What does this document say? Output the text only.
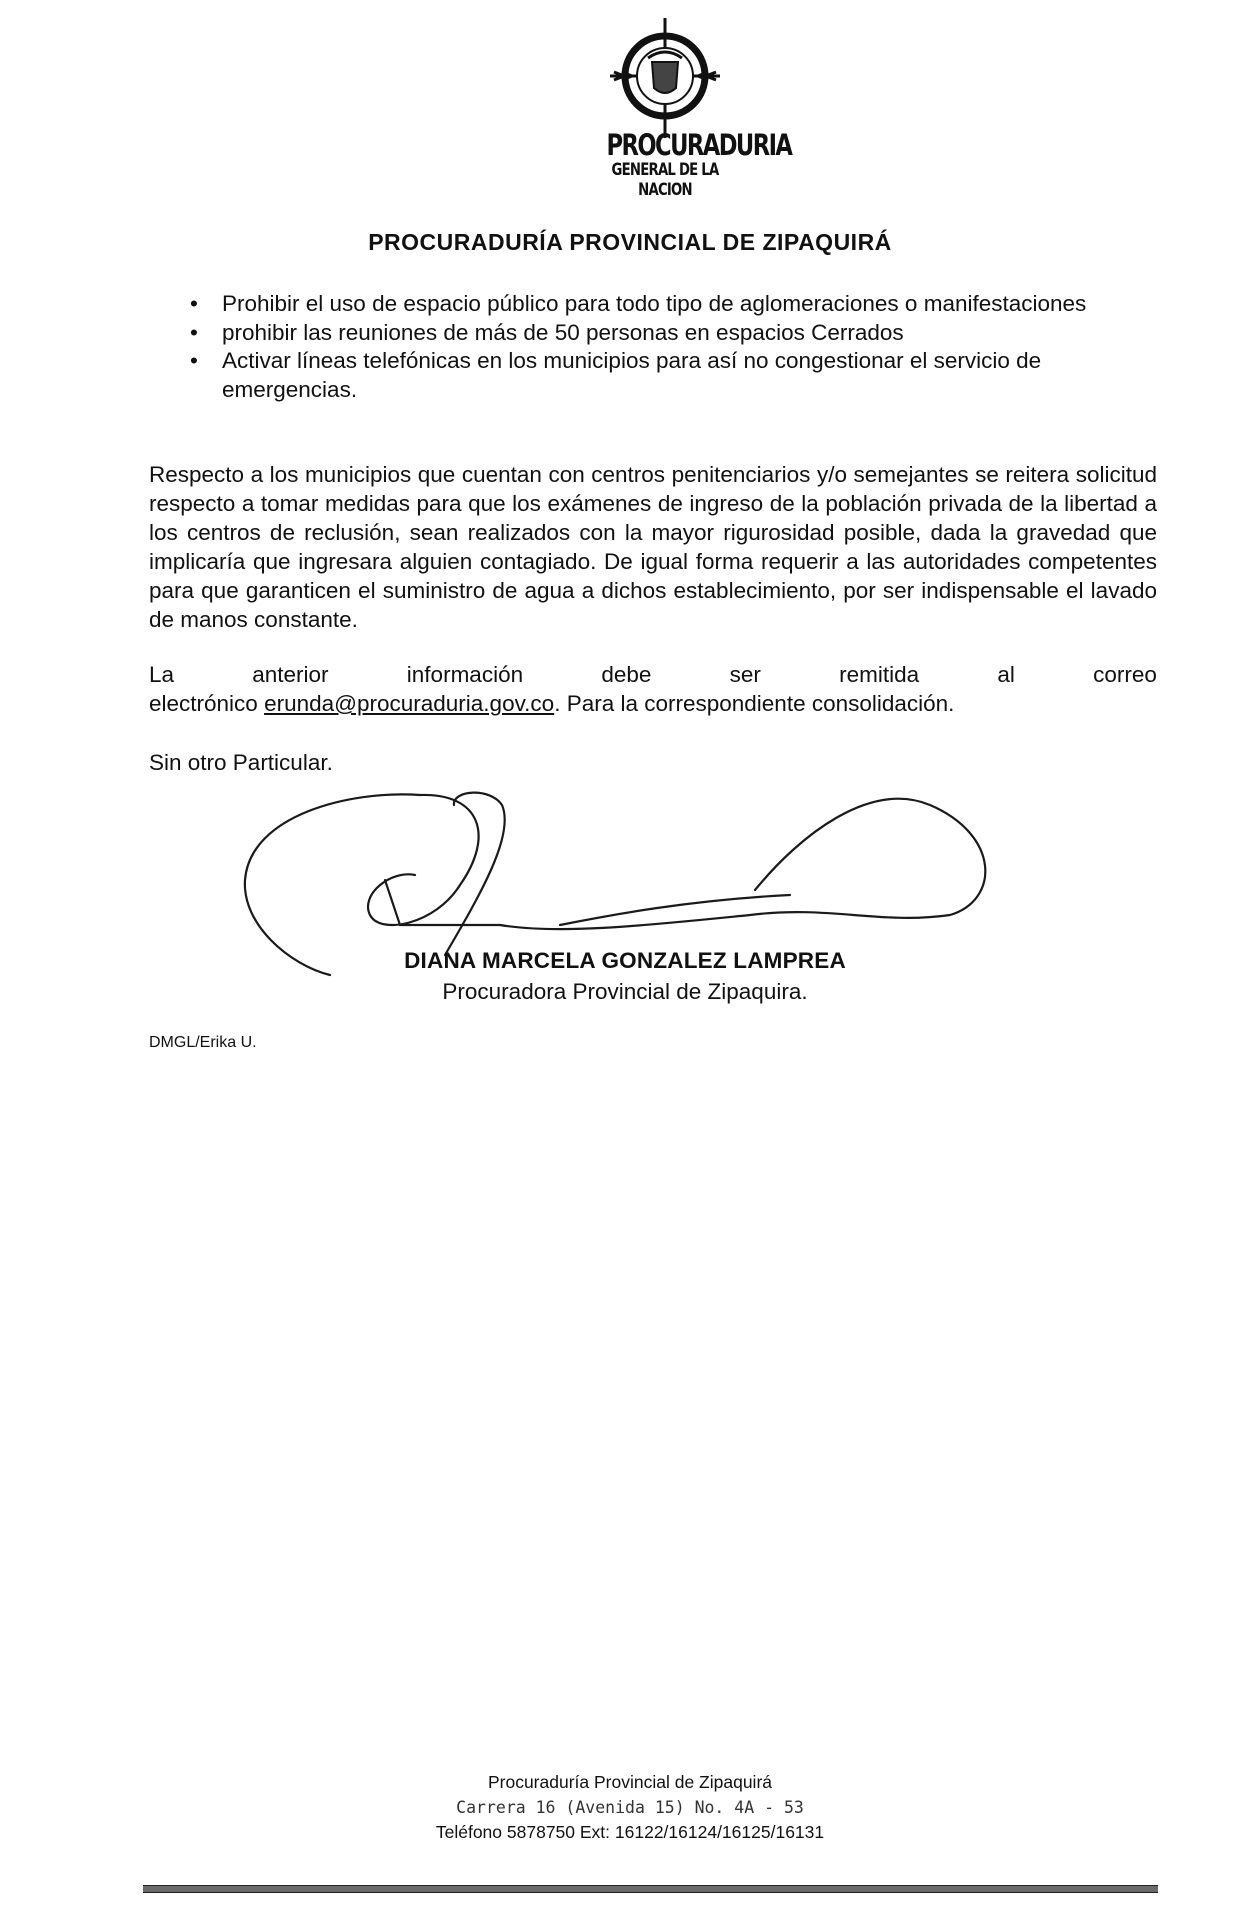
PROCURADURIA
GENERAL DE LA NACION
PROCURADURÍA PROVINCIAL DE ZIPAQUIRÁ
• Prohibir el uso de espacio público para todo tipo de aglomeraciones o manifestaciones
• prohibir las reuniones de más de 50 personas en espacios Cerrados
• Activar líneas telefónicas en los municipios para así no congestionar el servicio de emergencias.
Respecto a los municipios que cuentan con centros penitenciarios y/o semejantes se reitera solicitud respecto a tomar medidas para que los exámenes de ingreso de la población privada de la libertad a los centros de reclusión, sean realizados con la mayor rigurosidad posible, dada la gravedad que implicaría que ingresara alguien contagiado. De igual forma requerir a las autoridades competentes para que garanticen el suministro de agua a dichos establecimiento, por ser indispensable el lavado de manos constante.
La	anterior	información	debe	ser	remitida	al	correo
electrónico erunda@procuraduria.gov.co. Para la correspondiente consolidación.
Sin otro Particular.
DIANA MARCELA GONZALEZ LAMPREA
Procuradora Provincial de Zipaquira.
DMGL/Erika U.
Procuraduría Provincial de Zipaquirá
Carrera 16 (Avenida 15) No. 4A - 53
Teléfono 5878750 Ext: 16122/16124/16125/16131
